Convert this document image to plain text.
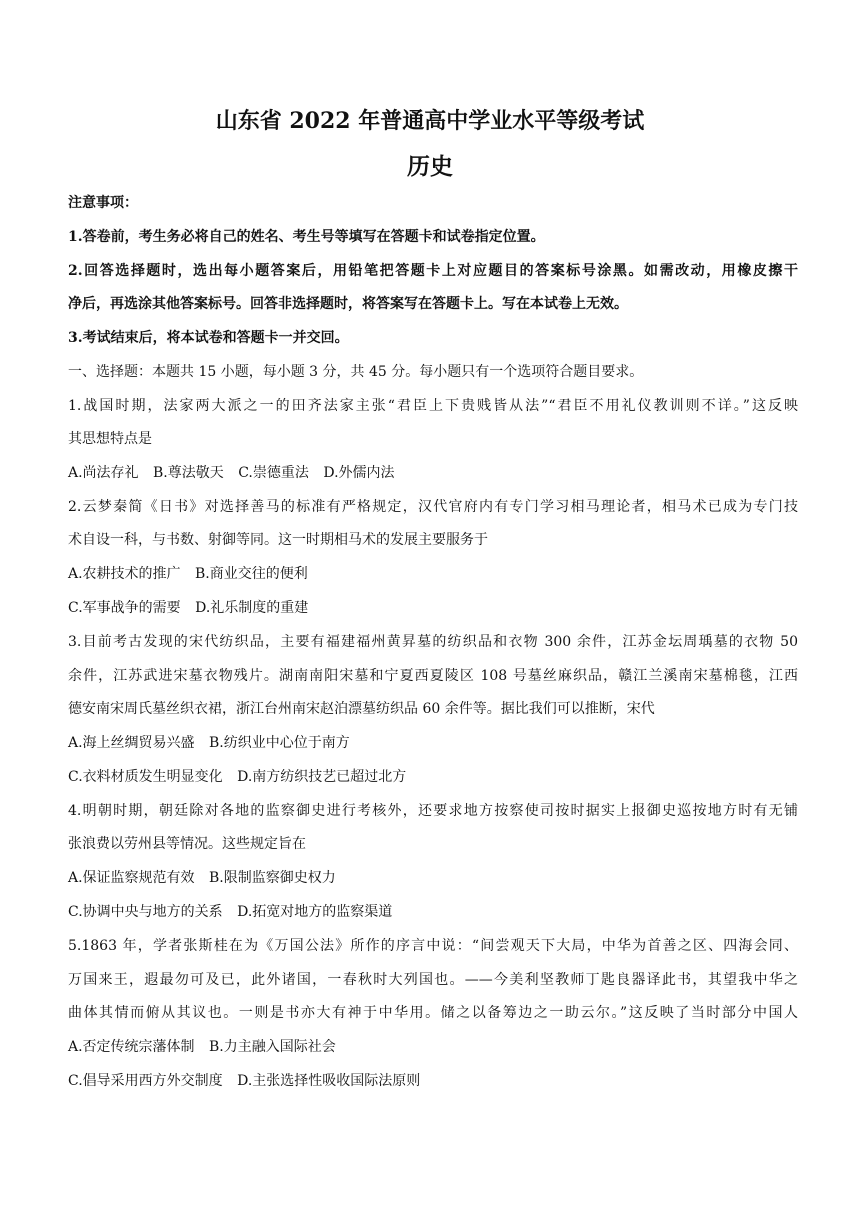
山东省 2022 年普通高中学业水平等级考试
历史
注意事项：
1.答卷前，考生务必将自己的姓名、考生号等填写在答题卡和试卷指定位置。
2.回答选择题时，选出每小题答案后，用铅笔把答题卡上对应题目的答案标号涂黑。如需改动，用橡皮擦干
净后，再选涂其他答案标号。回答非选择题时，将答案写在答题卡上。写在本试卷上无效。
3.考试结束后，将本试卷和答题卡一并交回。
一、选择题：本题共 15 小题，每小题 3 分，共 45 分。每小题只有一个选项符合题目要求。
1.战国时期，法家两大派之一的田齐法家主张“君臣上下贵贱皆从法”“君臣不用礼仪教训则不详。”这反映
其思想特点是
A.尚法存礼 B.尊法敬天 C.崇德重法 D.外儒内法
2.云梦秦简《日书》对选择善马的标准有严格规定，汉代官府内有专门学习相马理论者，相马术已成为专门技
术自设一科，与书数、射御等同。这一时期相马术的发展主要服务于
A.农耕技术的推广 B.商业交往的便利
C.军事战争的需要 D.礼乐制度的重建
3.目前考古发现的宋代纺织品，主要有福建福州黄昇墓的纺织品和衣物 300 余件，江苏金坛周瑀墓的衣物 50
余件，江苏武进宋墓衣物残片。湖南南阳宋墓和宁夏西夏陵区 108 号墓丝麻织品，赣江兰溪南宋墓棉毯，江西
德安南宋周氏墓丝织衣裙，浙江台州南宋赵泊漂墓纺织品 60 余件等。据比我们可以推断，宋代
A.海上丝绸贸易兴盛 B.纺织业中心位于南方
C.衣料材质发生明显变化 D.南方纺织技艺已超过北方
4.明朝时期，朝廷除对各地的监察御史进行考核外，还要求地方按察使司按时据实上报御史巡按地方时有无铺
张浪费以劳州县等情况。这些规定旨在
A.保证监察规范有效 B.限制监察御史权力
C.协调中央与地方的关系 D.拓宽对地方的监察渠道
5.1863 年，学者张斯桂在为《万国公法》所作的序言中说：“间尝观天下大局，中华为首善之区、四海会同、
万国来王，遐最勿可及已，此外诸国，一春秋时大列国也。——今美利坚教师丁匙良器译此书，其望我中华之
曲体其情而俯从其议也。一则是书亦大有神于中华用。储之以备筹边之一助云尔。”这反映了当时部分中国人
A.否定传统宗藩体制 B.力主融入国际社会
C.倡导采用西方外交制度 D.主张选择性吸收国际法原则
